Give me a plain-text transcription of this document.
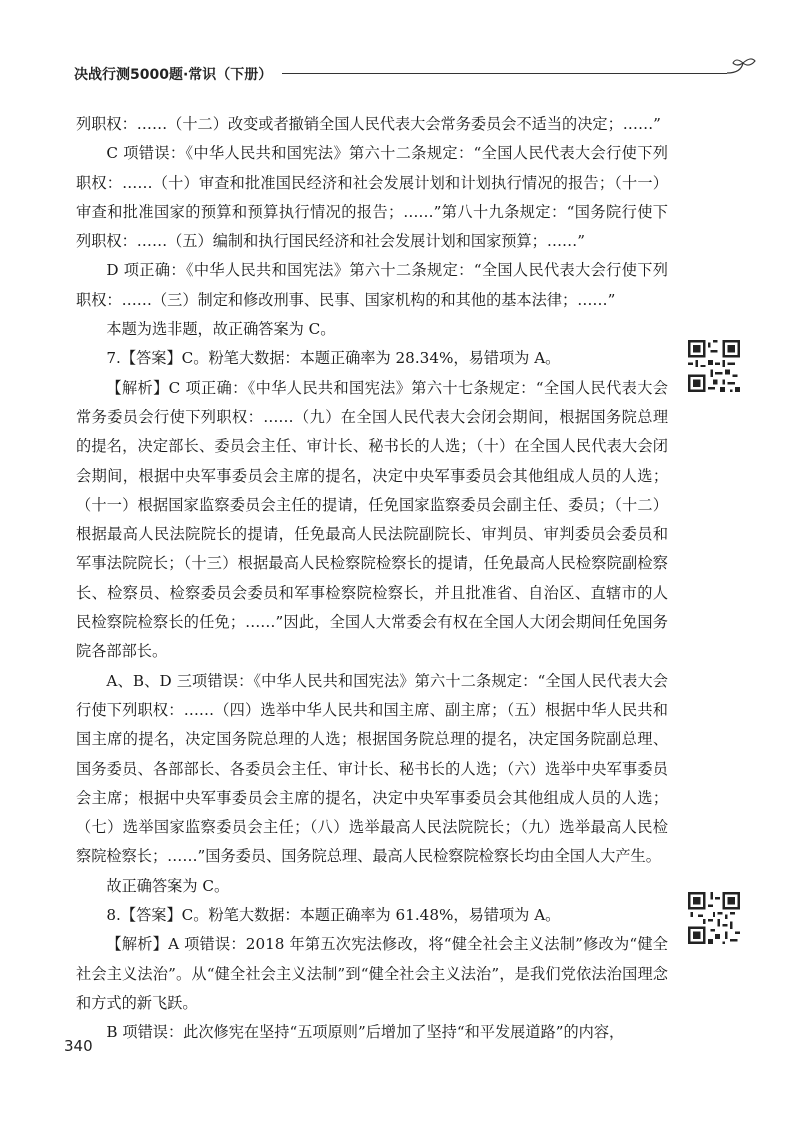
决战行测5000题·常识（下册）

列职权：……（十二）改变或者撤销全国人民代表大会常务委员会不适当的决定；……”

C 项错误：《中华人民共和国宪法》第六十二条规定：“全国人民代表大会行使下列职权：……（十）审查和批准国民经济和社会发展计划和计划执行情况的报告；（十一）审查和批准国家的预算和预算执行情况的报告；……”第八十九条规定：“国务院行使下列职权：……（五）编制和执行国民经济和社会发展计划和国家预算；……”

D 项正确：《中华人民共和国宪法》第六十二条规定：“全国人民代表大会行使下列职权：……（三）制定和修改刑事、民事、国家机构的和其他的基本法律；……”

本题为选非题，故正确答案为 C。

7.【答案】C。粉笔大数据：本题正确率为 28.34%，易错项为 A。

【解析】C 项正确：《中华人民共和国宪法》第六十七条规定：“全国人民代表大会常务委员会行使下列职权：……（九）在全国人民代表大会闭会期间，根据国务院总理的提名，决定部长、委员会主任、审计长、秘书长的人选；（十）在全国人民代表大会闭会期间，根据中央军事委员会主席的提名，决定中央军事委员会其他组成人员的人选；（十一）根据国家监察委员会主任的提请，任免国家监察委员会副主任、委员；（十二）根据最高人民法院院长的提请，任免最高人民法院副院长、审判员、审判委员会委员和军事法院院长；（十三）根据最高人民检察院检察长的提请，任免最高人民检察院副检察长、检察员、检察委员会委员和军事检察院检察长，并且批准省、自治区、直辖市的人民检察院检察长的任免；……”因此，全国人大常委会有权在全国人大闭会期间任免国务院各部部长。

A、B、D 三项错误：《中华人民共和国宪法》第六十二条规定：“全国人民代表大会行使下列职权：……（四）选举中华人民共和国主席、副主席；（五）根据中华人民共和国主席的提名，决定国务院总理的人选；根据国务院总理的提名，决定国务院副总理、国务委员、各部部长、各委员会主任、审计长、秘书长的人选；（六）选举中央军事委员会主席；根据中央军事委员会主席的提名，决定中央军事委员会其他组成人员的人选；（七）选举国家监察委员会主任；（八）选举最高人民法院院长；（九）选举最高人民检察院检察长；……”国务委员、国务院总理、最高人民检察院检察长均由全国人大产生。

故正确答案为 C。

8.【答案】C。粉笔大数据：本题正确率为 61.48%，易错项为 A。

【解析】A 项错误：2018 年第五次宪法修改，将“健全社会主义法制”修改为“健全社会主义法治”。从“健全社会主义法制”到“健全社会主义法治”，是我们党依法治国理念和方式的新飞跃。

B 项错误：此次修宪在坚持“五项原则”后增加了坚持“和平发展道路”的内容，

340
